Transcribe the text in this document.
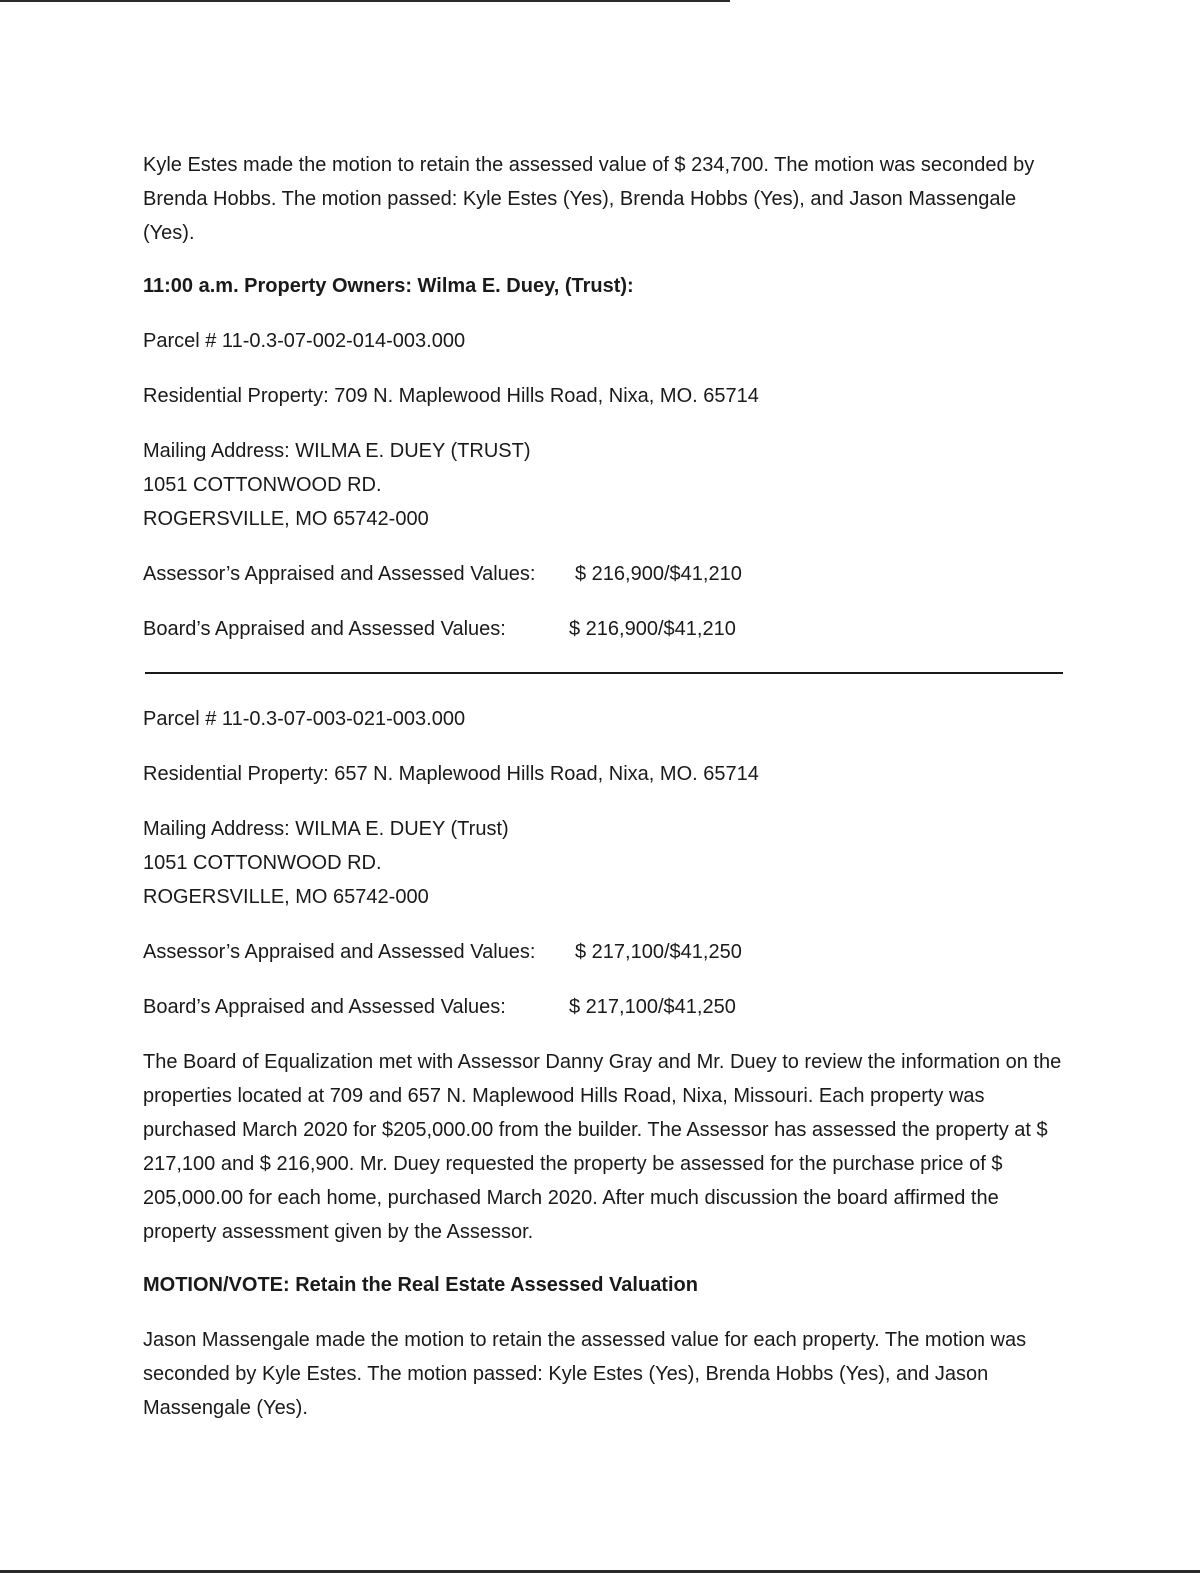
Kyle Estes made the motion to retain the assessed value of $ 234,700. The motion was seconded by Brenda Hobbs. The motion passed: Kyle Estes (Yes), Brenda Hobbs (Yes), and Jason Massengale (Yes).

11:00 a.m. Property Owners: Wilma E. Duey, (Trust):

Parcel # 11-0.3-07-002-014-003.000

Residential Property: 709 N. Maplewood Hills Road, Nixa, MO. 65714

Mailing Address: WILMA E. DUEY (TRUST)

1051 COTTONWOOD RD.

ROGERSVILLE, MO 65742-000

Assessor’s Appraised and Assessed Values:	$ 216,900/$41,210
Board’s Appraised and Assessed Values:	$ 216,900/$41,210

Parcel # 11-0.3-07-003-021-003.000

Residential Property: 657 N. Maplewood Hills Road, Nixa, MO. 65714

Mailing Address: WILMA E. DUEY (Trust)

1051 COTTONWOOD RD.

ROGERSVILLE, MO 65742-000

Assessor’s Appraised and Assessed Values:	$ 217,100/$41,250
Board’s Appraised and Assessed Values:	$ 217,100/$41,250

The Board of Equalization met with Assessor Danny Gray and Mr. Duey to review the information on the properties located at 709 and 657 N. Maplewood Hills Road, Nixa, Missouri. Each property was purchased March 2020 for $205,000.00 from the builder. The Assessor has assessed the property at $ 217,100 and $ 216,900. Mr. Duey requested the property be assessed for the purchase price of $ 205,000.00 for each home, purchased March 2020. After much discussion the board affirmed the property assessment given by the Assessor.

MOTION/VOTE: Retain the Real Estate Assessed Valuation

Jason Massengale made the motion to retain the assessed value for each property. The motion was seconded by Kyle Estes. The motion passed: Kyle Estes (Yes), Brenda Hobbs (Yes), and Jason Massengale (Yes).
